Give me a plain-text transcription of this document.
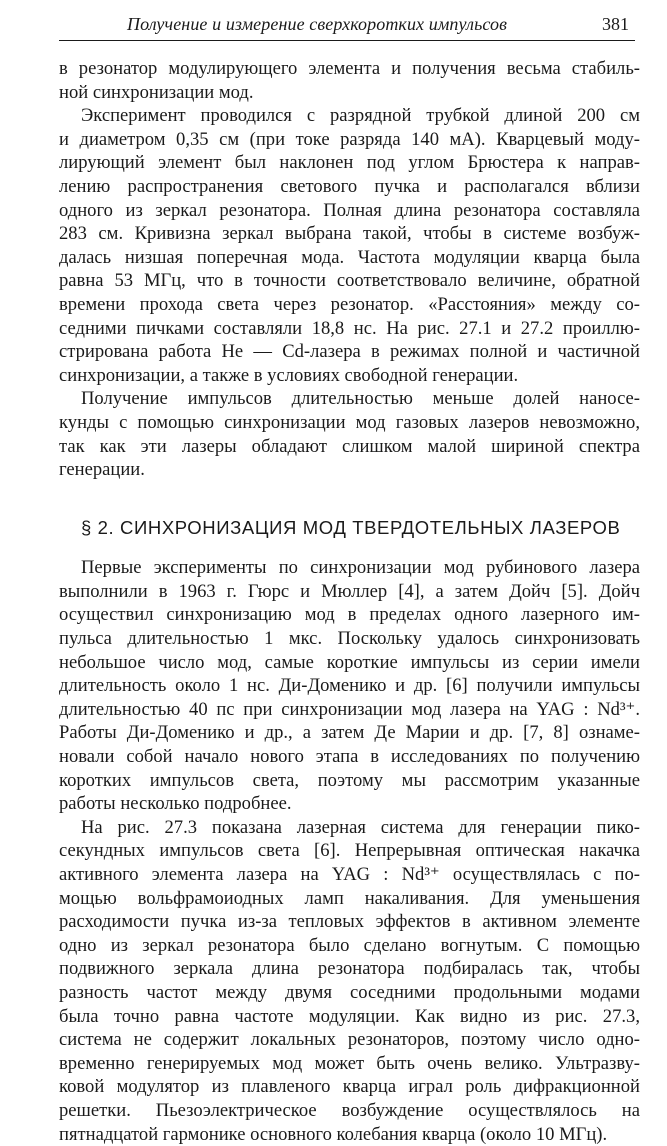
Получение и измерение сверхкоротких импульсов	381
в резонатор модулирующего элемента и получения весьма стабиль-
ной синхронизации мод.
Эксперимент проводился с разрядной трубкой длиной 200 см
и диаметром 0,35 см (при токе разряда 140 мА). Кварцевый моду-
лирующий элемент был наклонен под углом Брюстера к направ-
лению распространения светового пучка и располагался вблизи
одного из зеркал резонатора. Полная длина резонатора составляла
283 см. Кривизна зеркал выбрана такой, чтобы в системе возбуж-
далась низшая поперечная мода. Частота модуляции кварца была
равна 53 МГц, что в точности соответствовало величине, обратной
времени прохода света через резонатор. «Расстояния» между со-
седними пичками составляли 18,8 нс. На рис. 27.1 и 27.2 проиллю-
стрирована работа He — Cd-лазера в режимах полной и частичной
синхронизации, а также в условиях свободной генерации.
Получение импульсов длительностью меньше долей наносе-
кунды с помощью синхронизации мод газовых лазеров невозможно,
так как эти лазеры обладают слишком малой шириной спектра
генерации.
§ 2. СИНХРОНИЗАЦИЯ МОД ТВЕРДОТЕЛЬНЫХ ЛАЗЕРОВ
Первые эксперименты по синхронизации мод рубинового лазера
выполнили в 1963 г. Гюрс и Мюллер [4], а затем Дойч [5]. Дойч
осуществил синхронизацию мод в пределах одного лазерного им-
пульса длительностью 1 мкс. Поскольку удалось синхронизовать
небольшое число мод, самые короткие импульсы из серии имели
длительность около 1 нс. Ди-Доменико и др. [6] получили импульсы
длительностью 40 пс при синхронизации мод лазера на YAG : Nd³⁺.
Работы Ди-Доменико и др., а затем Де Марии и др. [7, 8] ознаме-
новали собой начало нового этапа в исследованиях по получению
коротких импульсов света, поэтому мы рассмотрим указанные
работы несколько подробнее.
На рис. 27.3 показана лазерная система для генерации пико-
секундных импульсов света [6]. Непрерывная оптическая накачка
активного элемента лазера на YAG : Nd³⁺ осуществлялась с по-
мощью вольфрамоиодных ламп накаливания. Для уменьшения
расходимости пучка из-за тепловых эффектов в активном элементе
одно из зеркал резонатора было сделано вогнутым. С помощью
подвижного зеркала длина резонатора подбиралась так, чтобы
разность частот между двумя соседними продольными модами
была точно равна частоте модуляции. Как видно из рис. 27.3,
система не содержит локальных резонаторов, поэтому число одно-
временно генерируемых мод может быть очень велико. Ультразву-
ковой модулятор из плавленого кварца играл роль дифракционной
решетки. Пьезоэлектрическое возбуждение осуществлялось на
пятнадцатой гармонике основного колебания кварца (около 10 МГц).
